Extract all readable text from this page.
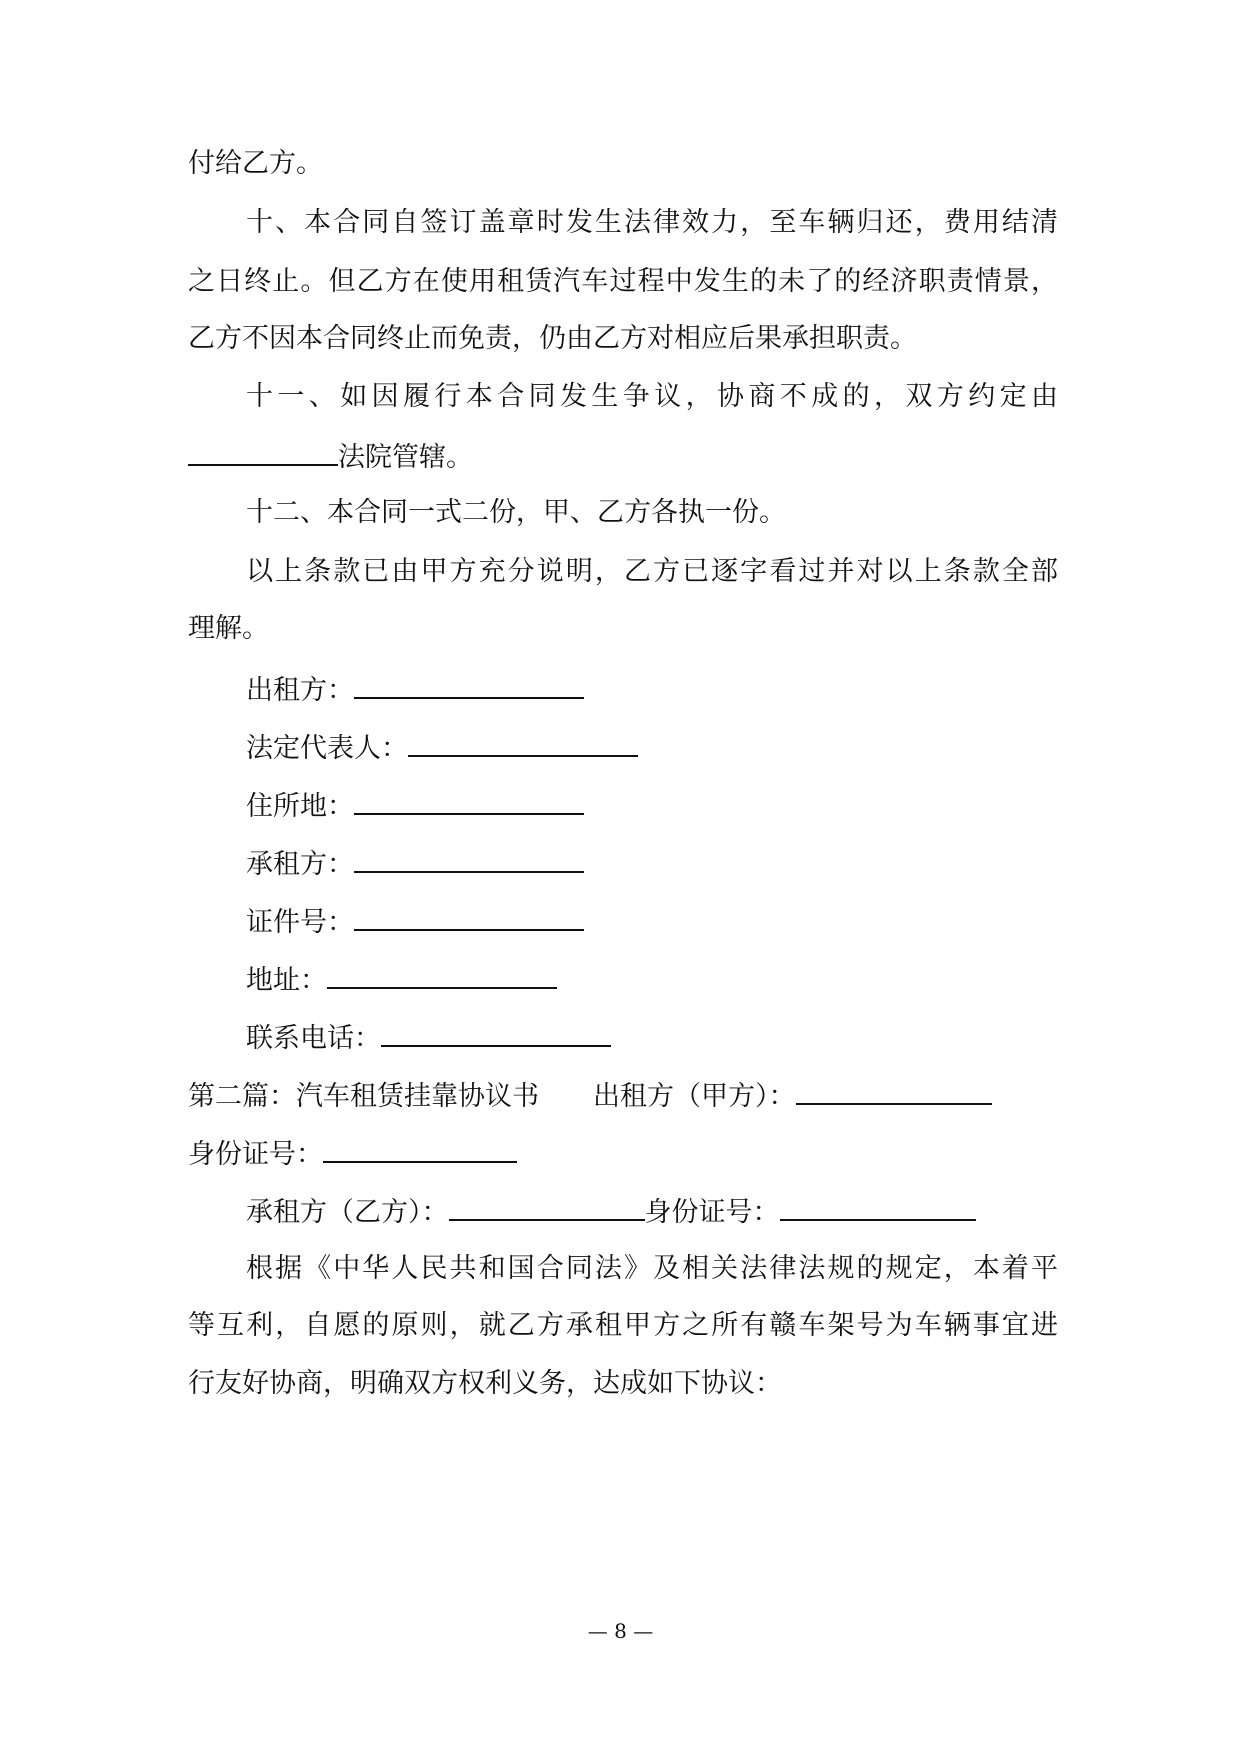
付给乙方。
十、本合同自签订盖章时发生法律效力，至车辆归还，费用结清
之日终止。但乙方在使用租赁汽车过程中发生的未了的经济职责情景，
乙方不因本合同终止而免责，仍由乙方对相应后果承担职责。
十一、如因履行本合同发生争议，协商不成的，双方约定由
法院管辖。
十二、本合同一式二份，甲、乙方各执一份。
以上条款已由甲方充分说明，乙方已逐字看过并对以上条款全部
理解。
出租方：
法定代表人：
住所地：
承租方：
证件号：
地址：
联系电话：
第二篇：汽车租赁挂靠协议书 出租方（甲方）：
身份证号：
承租方（乙方）：	身份证号：
根据《中华人民共和国合同法》及相关法律法规的规定，本着平
等互利，自愿的原则，就乙方承租甲方之所有赣车架号为车辆事宜进
行友好协商，明确双方权利义务，达成如下协议：
— 8 —
